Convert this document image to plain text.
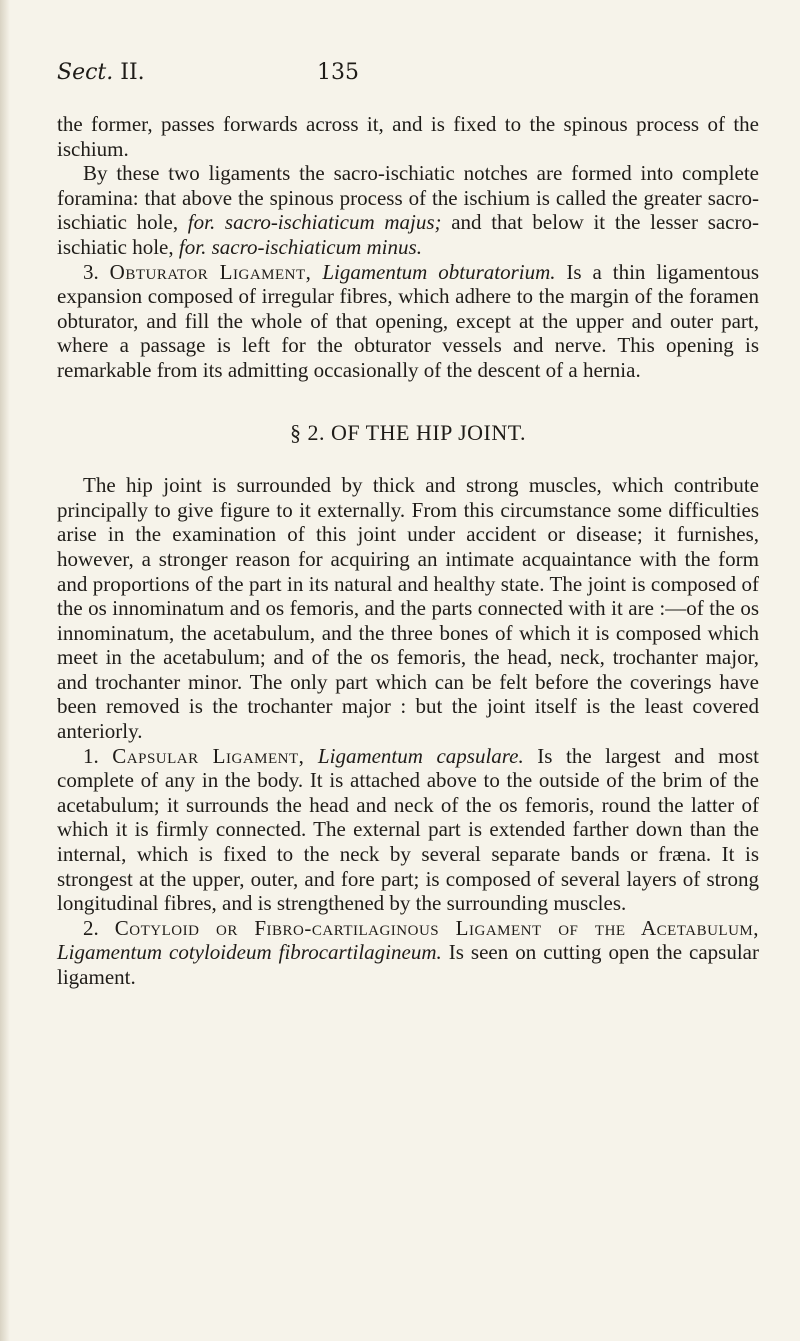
Sect. II.	135

the former, passes forwards across it, and is fixed to the spinous process of the ischium.

By these two ligaments the sacro-ischiatic notches are formed into complete foramina: that above the spinous process of the ischium is called the greater sacro-ischiatic hole, for. sacro-ischiaticum majus; and that below it the lesser sacro-ischiatic hole, for. sacro-ischiaticum minus.

3. Obturator Ligament, Ligamentum obturatorium. Is a thin ligamentous expansion composed of irregular fibres, which adhere to the margin of the foramen obturator, and fill the whole of that opening, except at the upper and outer part, where a passage is left for the obturator vessels and nerve. This opening is remarkable from its admitting occasionally of the descent of a hernia.

§ 2. OF THE HIP JOINT.

The hip joint is surrounded by thick and strong muscles, which contribute principally to give figure to it externally. From this circumstance some difficulties arise in the examination of this joint under accident or disease; it furnishes, however, a stronger reason for acquiring an intimate acquaintance with the form and proportions of the part in its natural and healthy state. The joint is composed of the os innominatum and os femoris, and the parts connected with it are :—of the os innominatum, the acetabulum, and the three bones of which it is composed which meet in the acetabulum; and of the os femoris, the head, neck, trochanter major, and trochanter minor. The only part which can be felt before the coverings have been removed is the trochanter major : but the joint itself is the least covered anteriorly.

1. Capsular Ligament, Ligamentum capsulare. Is the largest and most complete of any in the body. It is attached above to the outside of the brim of the acetabulum; it surrounds the head and neck of the os femoris, round the latter of which it is firmly connected. The external part is extended farther down than the internal, which is fixed to the neck by several separate bands or fræna. It is strongest at the upper, outer, and fore part; is composed of several layers of strong longitudinal fibres, and is strengthened by the surrounding muscles.

2. Cotyloid or Fibro-cartilaginous Ligament of the Acetabulum, Ligamentum cotyloideum fibrocartilagineum. Is seen on cutting open the capsular ligament.
